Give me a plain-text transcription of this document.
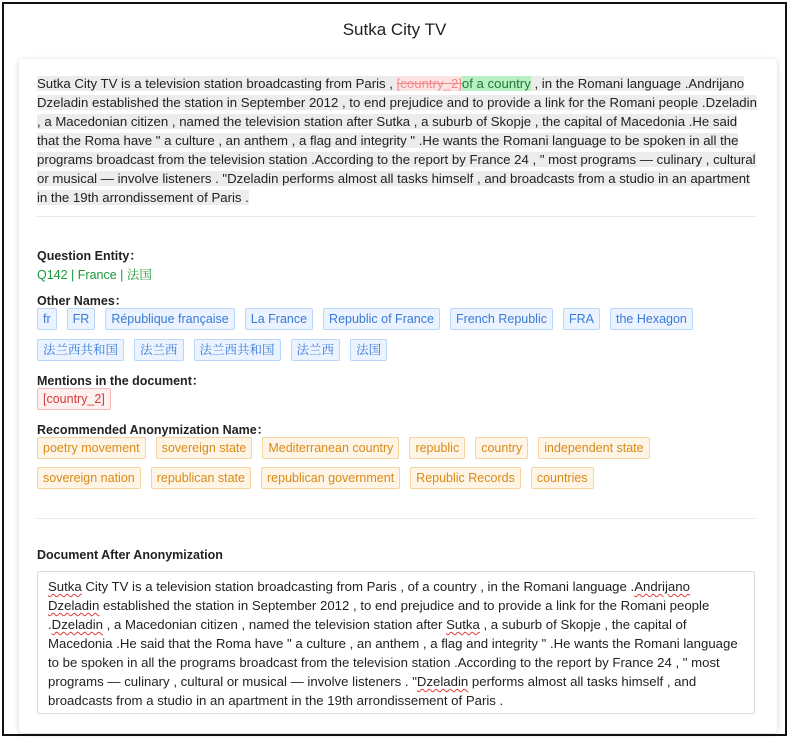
Sutka City TV
Sutka City TV is a television station broadcasting from Paris , [country_2]of a country , in the Romani language .Andrijano Dzeladin established the station in September 2012 , to end prejudice and to provide a link for the Romani people .Dzeladin , a Macedonian citizen , named the television station after Sutka , a suburb of Skopje , the capital of Macedonia .He said that the Roma have " a culture , an anthem , a flag and integrity " .He wants the Romani language to be spoken in all the programs broadcast from the television station .According to the report by France 24 , " most programs — culinary , cultural or musical — involve listeners . "Dzeladin performs almost all tasks himself , and broadcasts from a studio in an apartment in the 19th arrondissement of Paris .
Question Entity：
Q142 | France | 法国
Other Names：
fr	FR	République française	La France	Republic of France	French Republic	FRA	the Hexagon
法兰西共和国	法兰西	法兰西共和国	法兰西	法国
Mentions in the document：
[country_2]
Recommended Anonymization Name：
poetry movement	sovereign state	Mediterranean country	republic	country	independent state
sovereign nation	republican state	republican government	Republic Records	countries
Document After Anonymization
Sutka City TV is a television station broadcasting from Paris , of a country , in the Romani language .Andrijano Dzeladin established the station in September 2012 , to end prejudice and to provide a link for the Romani people .Dzeladin , a Macedonian citizen , named the television station after Sutka , a suburb of Skopje , the capital of Macedonia .He said that the Roma have " a culture , an anthem , a flag and integrity " .He wants the Romani language to be spoken in all the programs broadcast from the television station .According to the report by France 24 , " most programs — culinary , cultural or musical — involve listeners . "Dzeladin performs almost all tasks himself , and broadcasts from a studio in an apartment in the 19th arrondissement of Paris .
